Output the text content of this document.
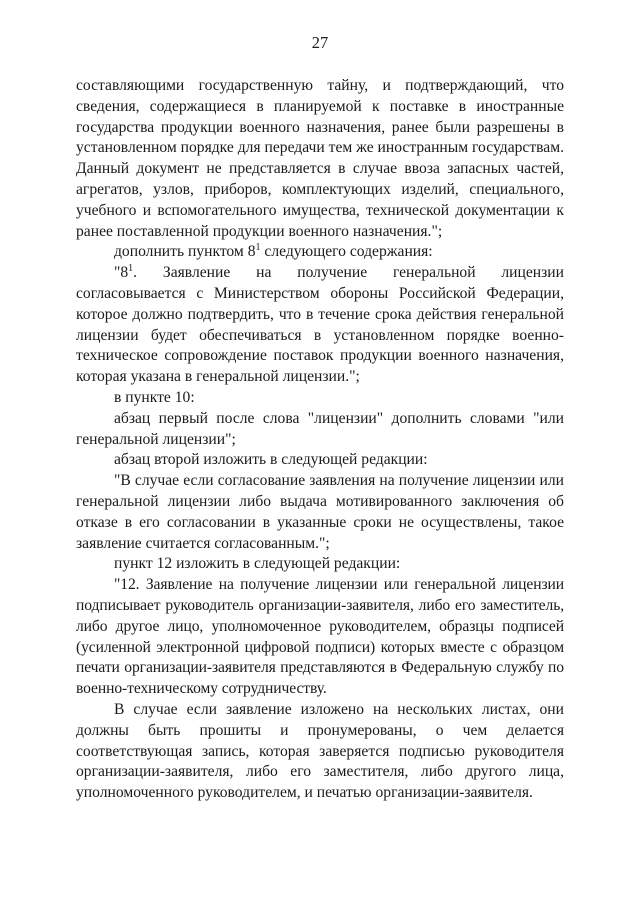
27

составляющими государственную тайну, и подтверждающий, что сведения, содержащиеся в планируемой к поставке в иностранные государства продукции военного назначения, ранее были разрешены в установленном порядке для передачи тем же иностранным государствам. Данный документ не представляется в случае ввоза запасных частей, агрегатов, узлов, приборов, комплектующих изделий, специального, учебного и вспомогательного имущества, технической документации к ранее поставленной продукции военного назначения.";

дополнить пунктом $8^1$ следующего содержания:

"$8^1$. Заявление на получение генеральной лицензии согласовывается с Министерством обороны Российской Федерации, которое должно подтвердить, что в течение срока действия генеральной лицензии будет обеспечиваться в установленном порядке военно-техническое сопровождение поставок продукции военного назначения, которая указана в генеральной лицензии.";

в пункте 10:

абзац первый после слова "лицензии" дополнить словами "или генеральной лицензии";

абзац второй изложить в следующей редакции:

"В случае если согласование заявления на получение лицензии или генеральной лицензии либо выдача мотивированного заключения об отказе в его согласовании в указанные сроки не осуществлены, такое заявление считается согласованным.";

пункт 12 изложить в следующей редакции:

"12. Заявление на получение лицензии или генеральной лицензии подписывает руководитель организации-заявителя, либо его заместитель, либо другое лицо, уполномоченное руководителем, образцы подписей (усиленной электронной цифровой подписи) которых вместе с образцом печати организации-заявителя представляются в Федеральную службу по военно-техническому сотрудничеству.

В случае если заявление изложено на нескольких листах, они должны быть прошиты и пронумерованы, о чем делается соответствующая запись, которая заверяется подписью руководителя организации-заявителя, либо его заместителя, либо другого лица, уполномоченного руководителем, и печатью организации-заявителя.
